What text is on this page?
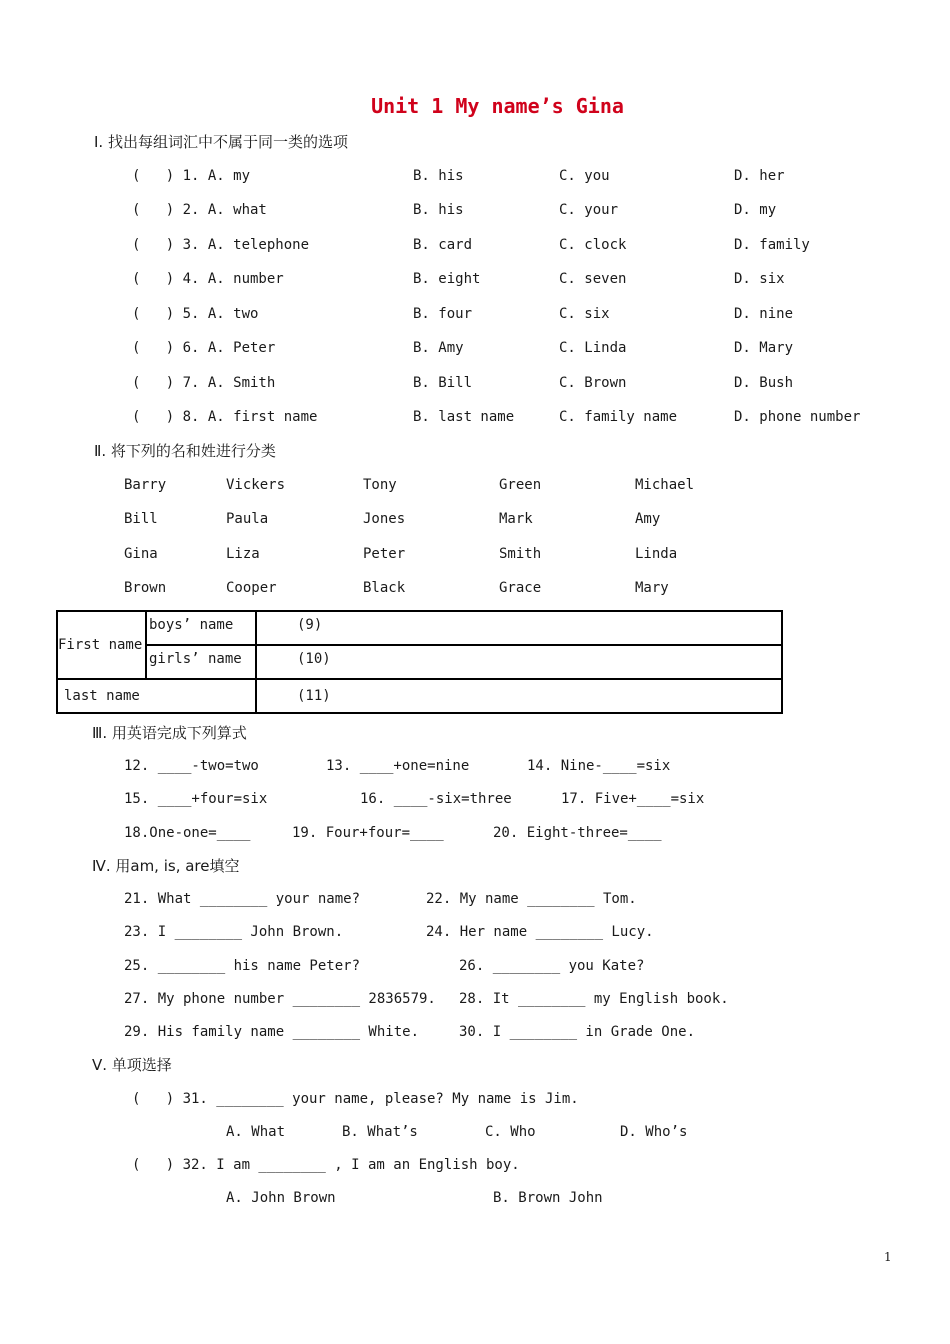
Unit 1 My name’s Gina
Ⅰ. 找出每组词汇中不属于同一类的选项
(   ) 1. A. my	B. his	C. you	D. her
(   ) 2. A. what	B. his	C. your	D. my
(   ) 3. A. telephone	B. card	C. clock	D. family
(   ) 4. A. number	B. eight	C. seven	D. six
(   ) 5. A. two	B. four	C. six	D. nine
(   ) 6. A. Peter	B. Amy	C. Linda	D. Mary
(   ) 7. A. Smith	B. Bill	C. Brown	D. Bush
(   ) 8. A. first name	B. last name	C. family name	D. phone number
Ⅱ. 将下列的名和姓进行分类
Barry	Vickers	Tony	Green	Michael
Bill	Paula	Jones	Mark	Amy
Gina	Liza	Peter	Smith	Linda
Brown	Cooper	Black	Grace	Mary
First name	boys’ name	(9)
	girls’ name	(10)
last name		(11)
Ⅲ. 用英语完成下列算式
12. ____-two=two	13. ____+one=nine	14. Nine-____=six
15. ____+four=six	16. ____-six=three	17. Five+____=six
18.One-one=____	19. Four+four=____	20. Eight-three=____
Ⅳ. 用am, is, are填空
21. What ________ your name?	22. My name ________ Tom.
23. I ________ John Brown.	24. Her name ________ Lucy.
25. ________ his name Peter?	26. ________ you Kate?
27. My phone number ________ 2836579. 28. It ________ my English book.
29. His family name ________ White.	30. I ________ in Grade One.
Ⅴ. 单项选择
(   ) 31. ________ your name, please? My name is Jim.
A. What	B. What’s	C. Who	D. Who’s
(   ) 32. I am ________ , I am an English boy.
A. John Brown	B. Brown John
1
